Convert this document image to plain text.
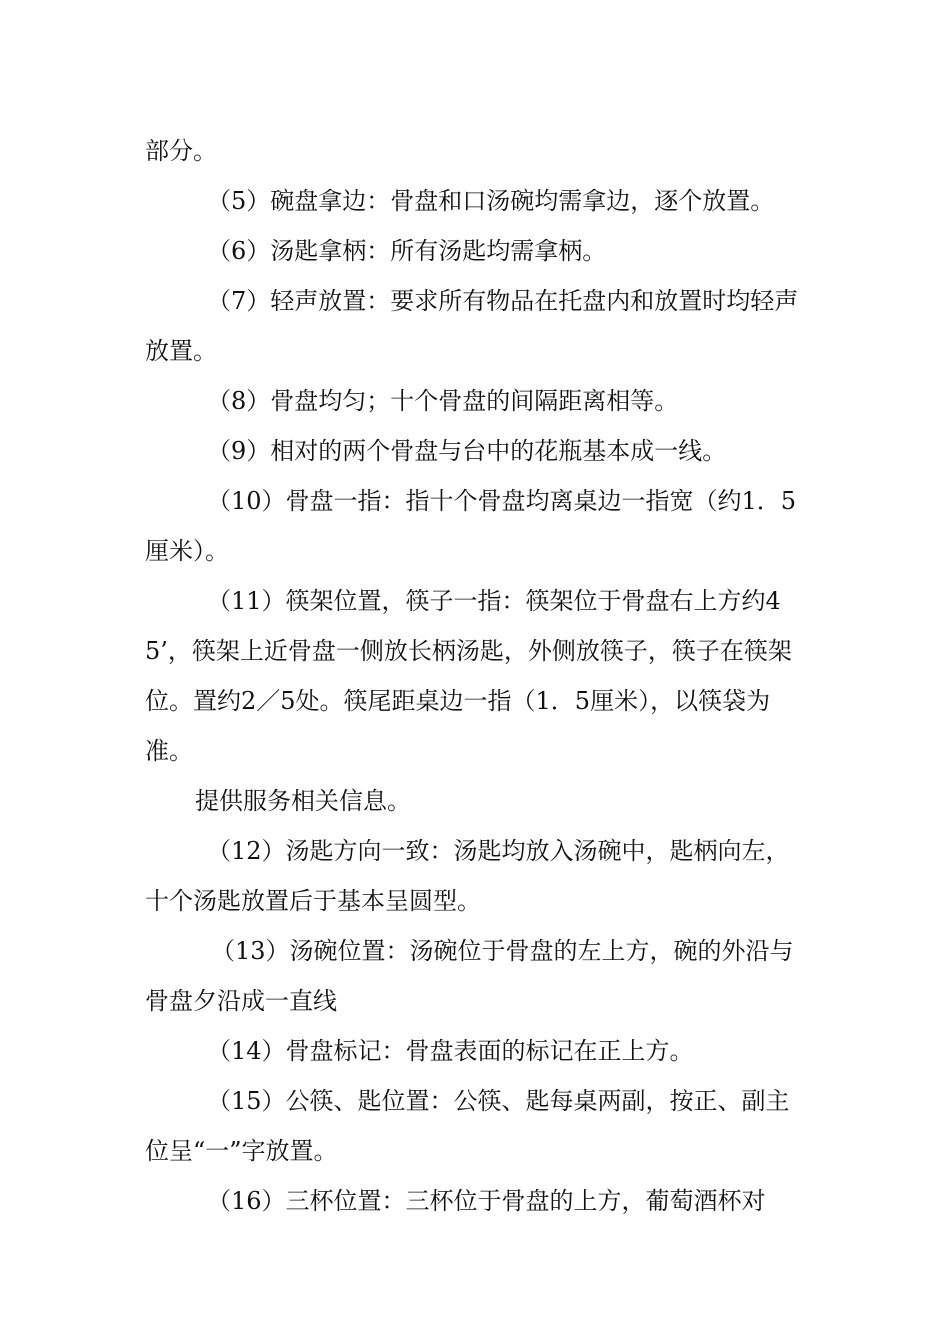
部分。

（5）碗盘拿边：骨盘和口汤碗均需拿边，逐个放置。

（6）汤匙拿柄：所有汤匙均需拿柄。

（7）轻声放置：要求所有物品在托盘内和放置时均轻声放置。

（8）骨盘均匀；十个骨盘的间隔距离相等。

（9）相对的两个骨盘与台中的花瓶基本成一线。

（10）骨盘一指：指十个骨盘均离桌边一指宽（约1．5厘米）。

（11）筷架位置，筷子一指：筷架位于骨盘右上方约45’，筷架上近骨盘一侧放长柄汤匙，外侧放筷子，筷子在筷架位。置约2／5处。筷尾距桌边一指（1．5厘米），以筷袋为准。

提供服务相关信息。

（12）汤匙方向一致：汤匙均放入汤碗中，匙柄向左，十个汤匙放置后于基本呈圆型。

（13）汤碗位置：汤碗位于骨盘的左上方，碗的外沿与骨盘夕沿成一直线

（14）骨盘标记：骨盘表面的标记在正上方。

（15）公筷、匙位置：公筷、匙每桌两副，按正、副主位呈“一”字放置。

（16）三杯位置：三杯位于骨盘的上方，葡萄酒杯对
